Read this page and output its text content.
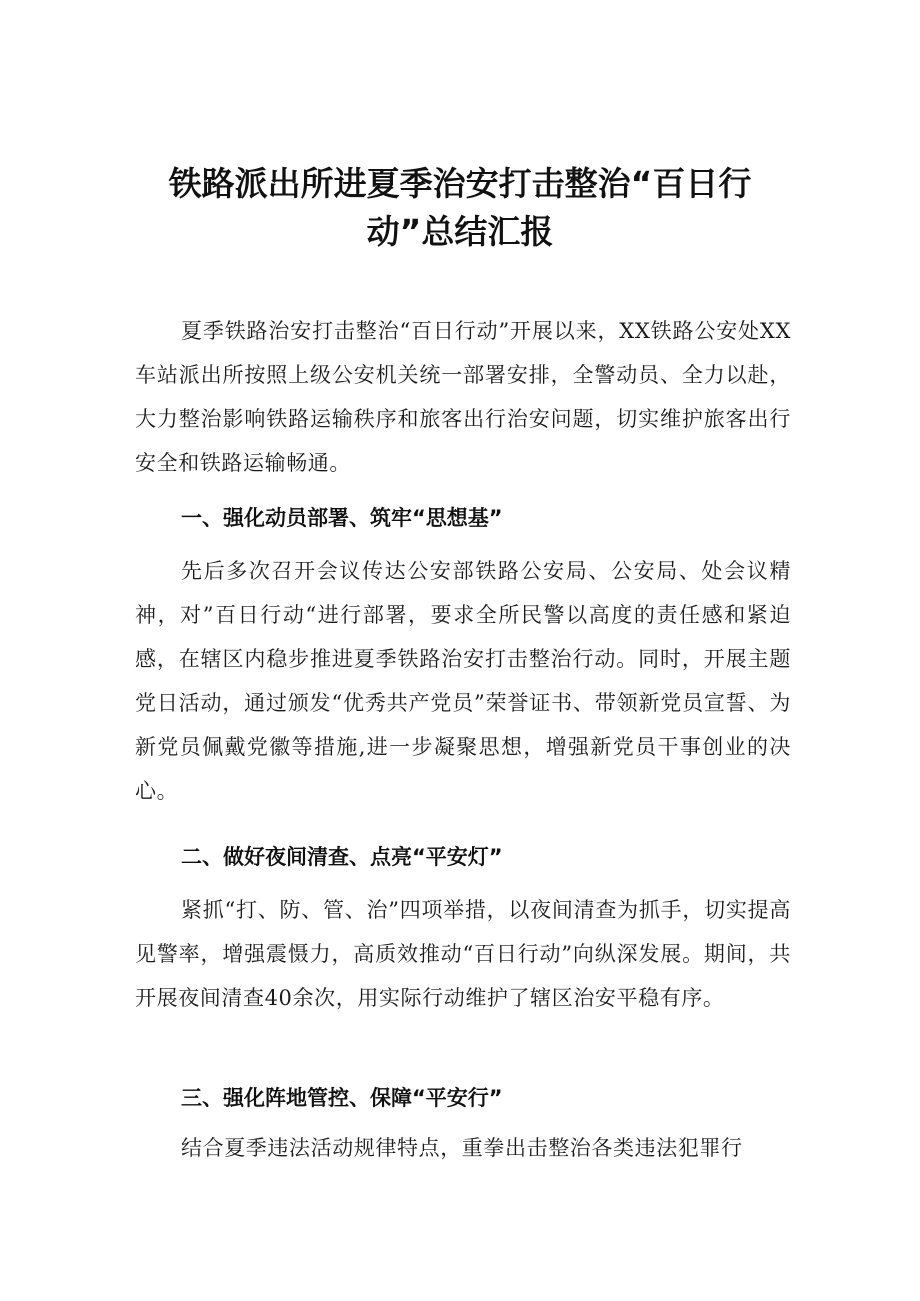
铁路派出所进夏季治安打击整治“百日行
动”总结汇报

夏季铁路治安打击整治“百日行动”开展以来，XX铁路公安处XX车站派出所按照上级公安机关统一部署安排，全警动员、全力以赴，大力整治影响铁路运输秩序和旅客出行治安问题，切实维护旅客出行安全和铁路运输畅通。

一、强化动员部署、筑牢“思想基”

先后多次召开会议传达公安部铁路公安局、公安局、处会议精神，对”百日行动“进行部署，要求全所民警以高度的责任感和紧迫感，在辖区内稳步推进夏季铁路治安打击整治行动。同时，开展主题党日活动，通过颁发“优秀共产党员”荣誉证书、带领新党员宣誓、为新党员佩戴党徽等措施,进一步凝聚思想，增强新党员干事创业的决心。

二、做好夜间清查、点亮“平安灯”

紧抓“打、防、管、治”四项举措，以夜间清查为抓手，切实提高见警率，增强震慑力，高质效推动“百日行动”向纵深发展。期间，共开展夜间清查40余次，用实际行动维护了辖区治安平稳有序。

三、强化阵地管控、保障“平安行”

结合夏季违法活动规律特点，重拳出击整治各类违法犯罪行
